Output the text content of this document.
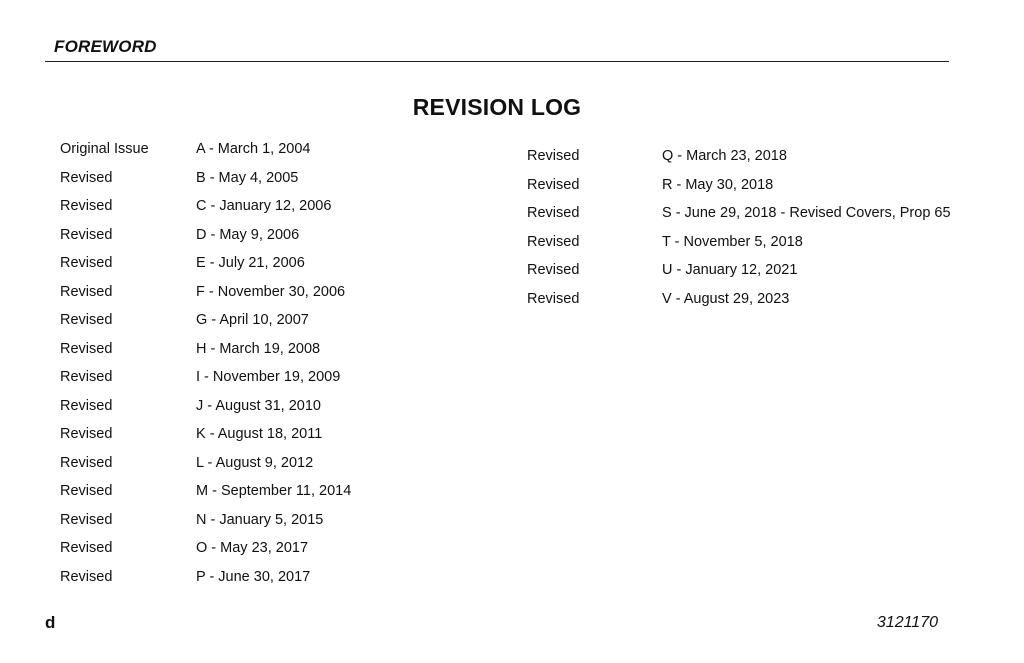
FOREWORD
REVISION LOG
Original Issue	A - March 1, 2004
Revised	B - May 4, 2005
Revised	C - January 12, 2006
Revised	D - May 9, 2006
Revised	E - July 21, 2006
Revised	F - November 30, 2006
Revised	G - April 10, 2007
Revised	H - March 19, 2008
Revised	I - November 19, 2009
Revised	J - August 31, 2010
Revised	K - August 18, 2011
Revised	L - August 9, 2012
Revised	M - September 11, 2014
Revised	N - January 5, 2015
Revised	O - May 23, 2017
Revised	P - June 30, 2017
Revised	Q - March 23, 2018
Revised	R - May 30, 2018
Revised	S - June 29, 2018 - Revised Covers, Prop 65
Revised	T - November 5, 2018
Revised	U - January 12, 2021
Revised	V - August 29, 2023
d	3121170
